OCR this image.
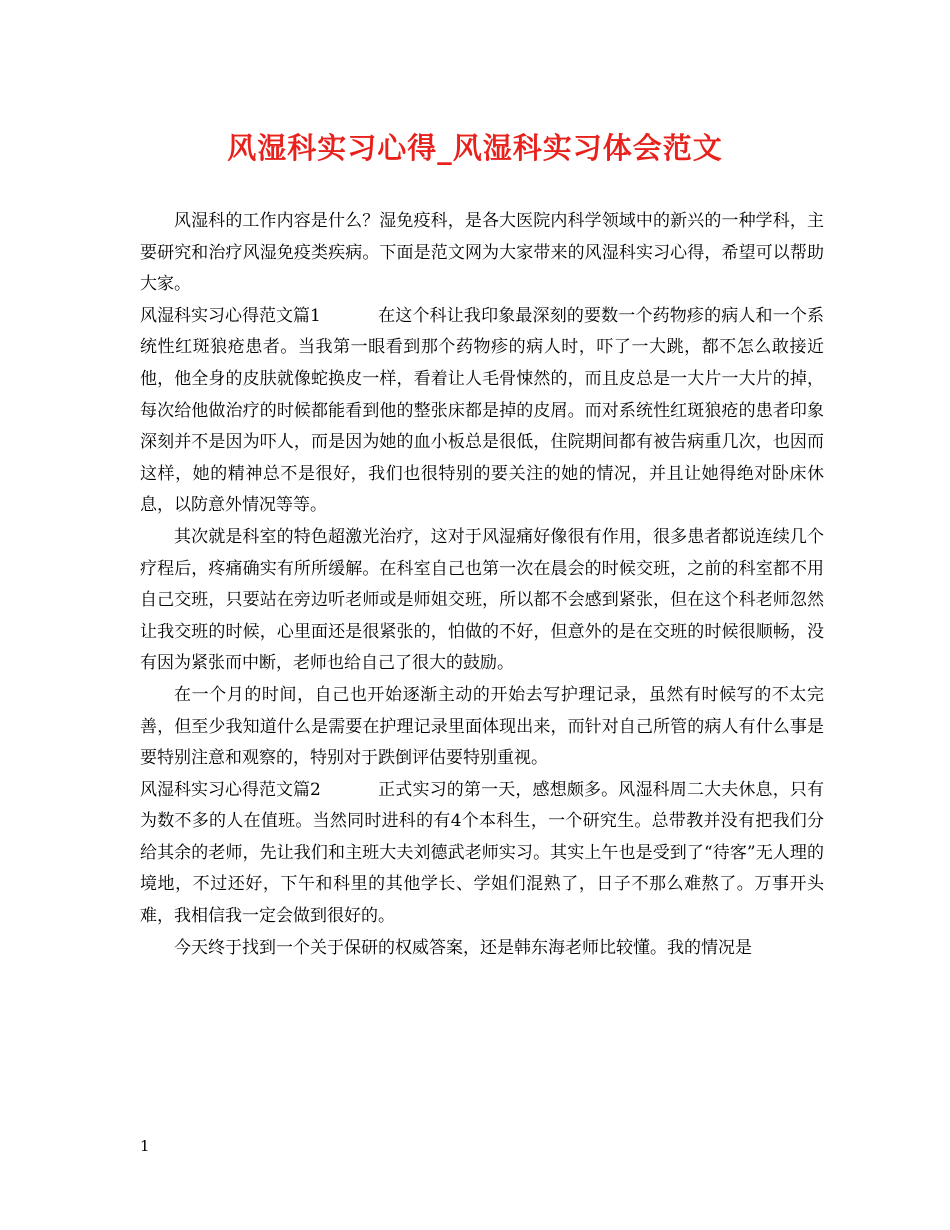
风湿科实习心得_风湿科实习体会范文

风湿科的工作内容是什么？湿免疫科，是各大医院内科学领域中的新兴的一种学科，主要研究和治疗风湿免疫类疾病。下面是范文网为大家带来的风湿科实习心得，希望可以帮助大家。

风湿科实习心得范文篇1	在这个科让我印象最深刻的要数一个药物疹的病人和一个系统性红斑狼疮患者。当我第一眼看到那个药物疹的病人时，吓了一大跳，都不怎么敢接近他，他全身的皮肤就像蛇换皮一样，看着让人毛骨悚然的，而且皮总是一大片一大片的掉，每次给他做治疗的时候都能看到他的整张床都是掉的皮屑。而对系统性红斑狼疮的患者印象深刻并不是因为吓人，而是因为她的血小板总是很低，住院期间都有被告病重几次，也因而这样，她的精神总不是很好，我们也很特别的要关注的她的情况，并且让她得绝对卧床休息，以防意外情况等等。

其次就是科室的特色超激光治疗，这对于风湿痛好像很有作用，很多患者都说连续几个疗程后，疼痛确实有所所缓解。在科室自己也第一次在晨会的时候交班，之前的科室都不用自己交班，只要站在旁边听老师或是师姐交班，所以都不会感到紧张，但在这个科老师忽然让我交班的时候，心里面还是很紧张的，怕做的不好，但意外的是在交班的时候很顺畅，没有因为紧张而中断，老师也给自己了很大的鼓励。

在一个月的时间，自己也开始逐渐主动的开始去写护理记录，虽然有时候写的不太完善，但至少我知道什么是需要在护理记录里面体现出来，而针对自己所管的病人有什么事是要特别注意和观察的，特别对于跌倒评估要特别重视。

风湿科实习心得范文篇2	正式实习的第一天，感想颇多。风湿科周二大夫休息，只有为数不多的人在值班。当然同时进科的有4个本科生，一个研究生。总带教并没有把我们分给其余的老师，先让我们和主班大夫刘德武老师实习。其实上午也是受到了“待客”无人理的境地，不过还好，下午和科里的其他学长、学姐们混熟了，日子不那么难熬了。万事开头难，我相信我一定会做到很好的。

今天终于找到一个关于保研的权威答案，还是韩东海老师比较懂。我的情况是

1
